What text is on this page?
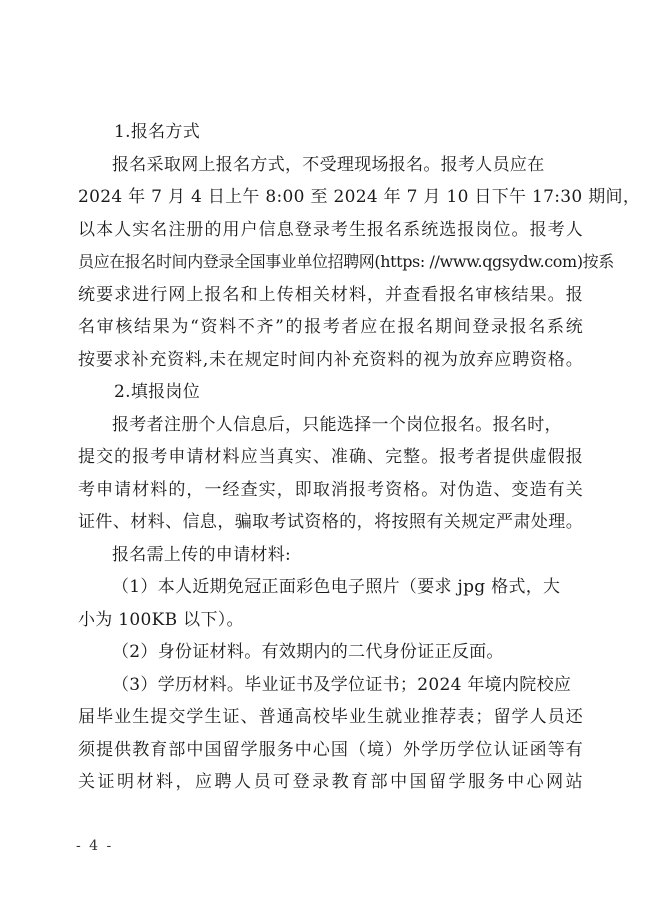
1.报名方式
报名采取网上报名方式，不受理现场报名。报考人员应在
2024 年 7 月 4 日上午 8:00 至 2024 年 7 月 10 日下午 17:30 期间，
以本人实名注册的用户信息登录考生报名系统选报岗位。报考人
员应在报名时间内登录全国事业单位招聘网(https: //www.qgsydw.com)按系
统要求进行网上报名和上传相关材料，并查看报名审核结果。报
名审核结果为“资料不齐”的报考者应在报名期间登录报名系统
按要求补充资料,未在规定时间内补充资料的视为放弃应聘资格。
2.填报岗位
报考者注册个人信息后，只能选择一个岗位报名。报名时，
提交的报考申请材料应当真实、准确、完整。报考者提供虚假报
考申请材料的，一经查实，即取消报考资格。对伪造、变造有关
证件、材料、信息，骗取考试资格的，将按照有关规定严肃处理。
报名需上传的申请材料:
（1）本人近期免冠正面彩色电子照片（要求 jpg 格式，大
小为 100KB 以下）。
（2）身份证材料。有效期内的二代身份证正反面。
（3）学历材料。毕业证书及学位证书；2024 年境内院校应
届毕业生提交学生证、普通高校毕业生就业推荐表；留学人员还
须提供教育部中国留学服务中心国（境）外学历学位认证函等有
关证明材料，应聘人员可登录教育部中国留学服务中心网站
- 4 -
